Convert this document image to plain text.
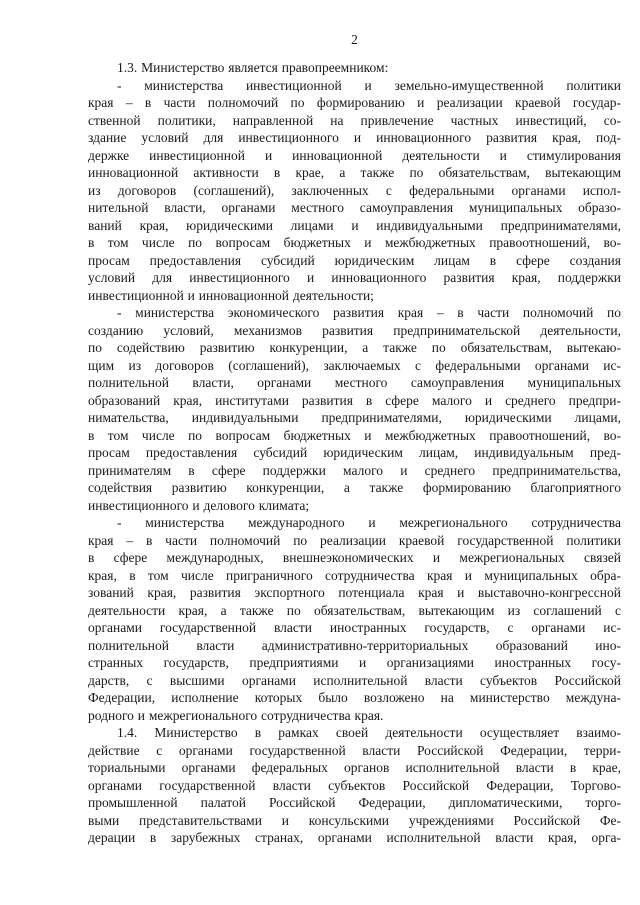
2
1.3. Министерство является правопреемником:
- министерства инвестиционной и земельно-имущественной политики
края – в части полномочий по формированию и реализации краевой государ-
ственной политики, направленной на привлечение частных инвестиций, со-
здание условий для инвестиционного и инновационного развития края, под-
держке инвестиционной и инновационной деятельности и стимулирования
инновационной активности в крае, а также по обязательствам, вытекающим
из договоров (соглашений), заключенных с федеральными органами испол-
нительной власти, органами местного самоуправления муниципальных образо-
ваний края, юридическими лицами и индивидуальными предпринимателями,
в том числе по вопросам бюджетных и межбюджетных правоотношений, во-
просам предоставления субсидий юридическим лицам в сфере создания
условий для инвестиционного и инновационного развития края, поддержки
инвестиционной и инновационной деятельности;
- министерства экономического развития края – в части полномочий по
созданию условий, механизмов развития предпринимательской деятельности,
по содействию развитию конкуренции, а также по обязательствам, вытекаю-
щим из договоров (соглашений), заключаемых с федеральными органами ис-
полнительной власти, органами местного самоуправления муниципальных
образований края, институтами развития в сфере малого и среднего предпри-
нимательства, индивидуальными предпринимателями, юридическими лицами,
в том числе по вопросам бюджетных и межбюджетных правоотношений, во-
просам предоставления субсидий юридическим лицам, индивидуальным пред-
принимателям в сфере поддержки малого и среднего предпринимательства,
содействия развитию конкуренции, а также формированию благоприятного
инвестиционного и делового климата;
- министерства международного и межрегионального сотрудничества
края – в части полномочий по реализации краевой государственной политики
в сфере международных, внешнеэкономических и межрегиональных связей
края, в том числе приграничного сотрудничества края и муниципальных обра-
зований края, развития экспортного потенциала края и выставочно-конгрессной
деятельности края, а также по обязательствам, вытекающим из соглашений с
органами государственной власти иностранных государств, с органами ис-
полнительной власти административно-территориальных образований ино-
странных государств, предприятиями и организациями иностранных госу-
дарств, с высшими органами исполнительной власти субъектов Российской
Федерации, исполнение которых было возложено на министерство междуна-
родного и межрегионального сотрудничества края.
1.4. Министерство в рамках своей деятельности осуществляет взаимо-
действие с органами государственной власти Российской Федерации, терри-
ториальными органами федеральных органов исполнительной власти в крае,
органами государственной власти субъектов Российской Федерации, Торгово-
промышленной палатой Российской Федерации, дипломатическими, торго-
выми представительствами и консульскими учреждениями Российской Фе-
дерации в зарубежных странах, органами исполнительной власти края, орга-
